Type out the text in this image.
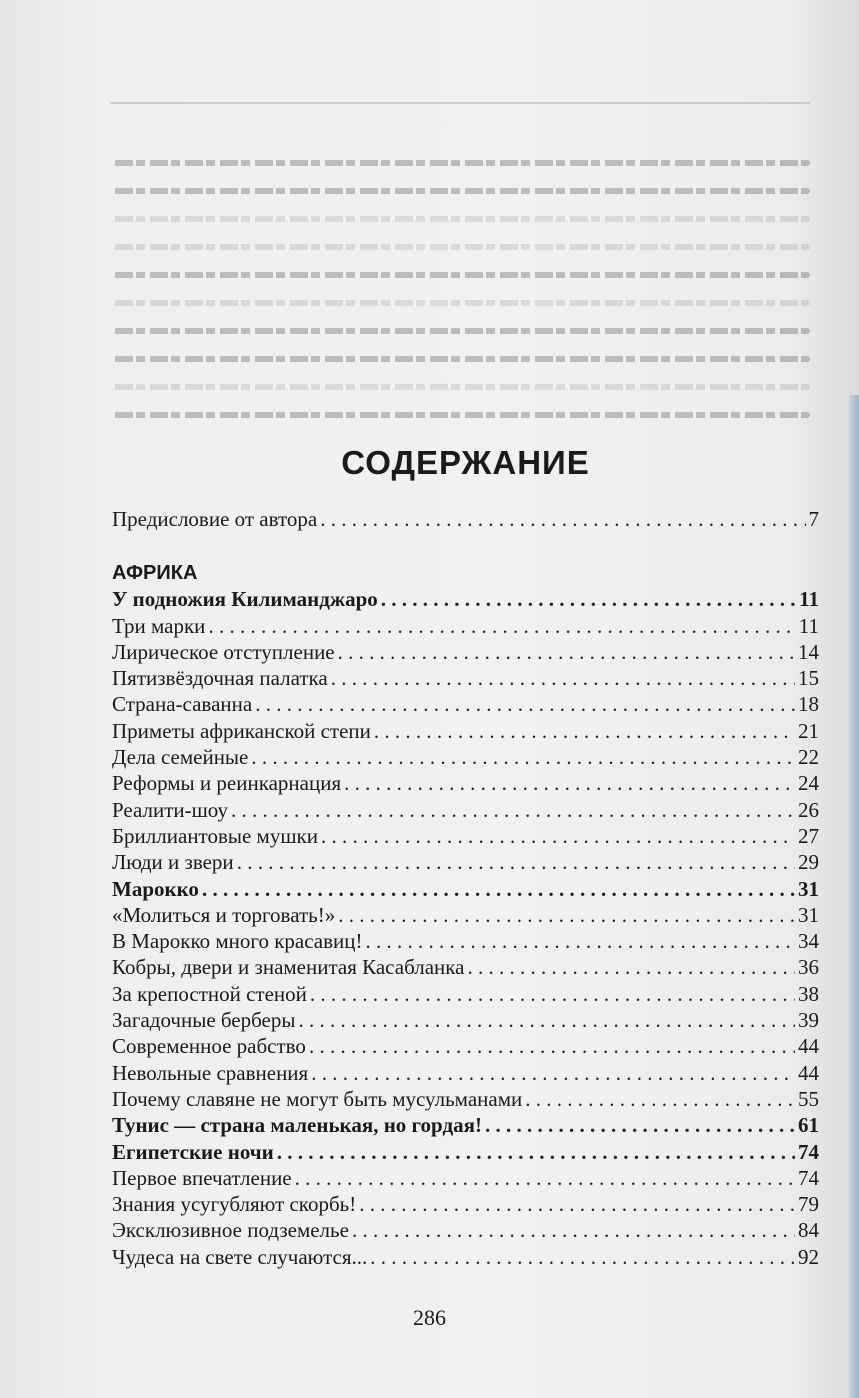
СОДЕРЖАНИЕ
Предисловие от автора . . .	7
АФРИКА
У подножия Килиманджаро . . .	11
Три марки . . .	11
Лирическое отступление . . .	14
Пятизвёздочная палатка . . .	15
Страна-саванна . . .	18
Приметы африканской степи . . .	21
Дела семейные . . .	22
Реформы и реинкарнация . . .	24
Реалити-шоу . . .	26
Бриллиантовые мушки . . .	27
Люди и звери . . .	29
Марокко . . .	31
«Молиться и торговать!» . . .	31
В Марокко много красавиц! . . .	34
Кобры, двери и знаменитая Касабланка . . .	36
За крепостной стеной . . .	38
Загадочные берберы . . .	39
Современное рабство . . .	44
Невольные сравнения . . .	44
Почему славяне не могут быть мусульманами . . .	55
Тунис — страна маленькая, но гордая! . . .	61
Египетские ночи . . .	74
Первое впечатление . . .	74
Знания усугубляют скорбь! . . .	79
Эксклюзивное подземелье . . .	84
Чудеса на свете случаются... . . .	92
286
